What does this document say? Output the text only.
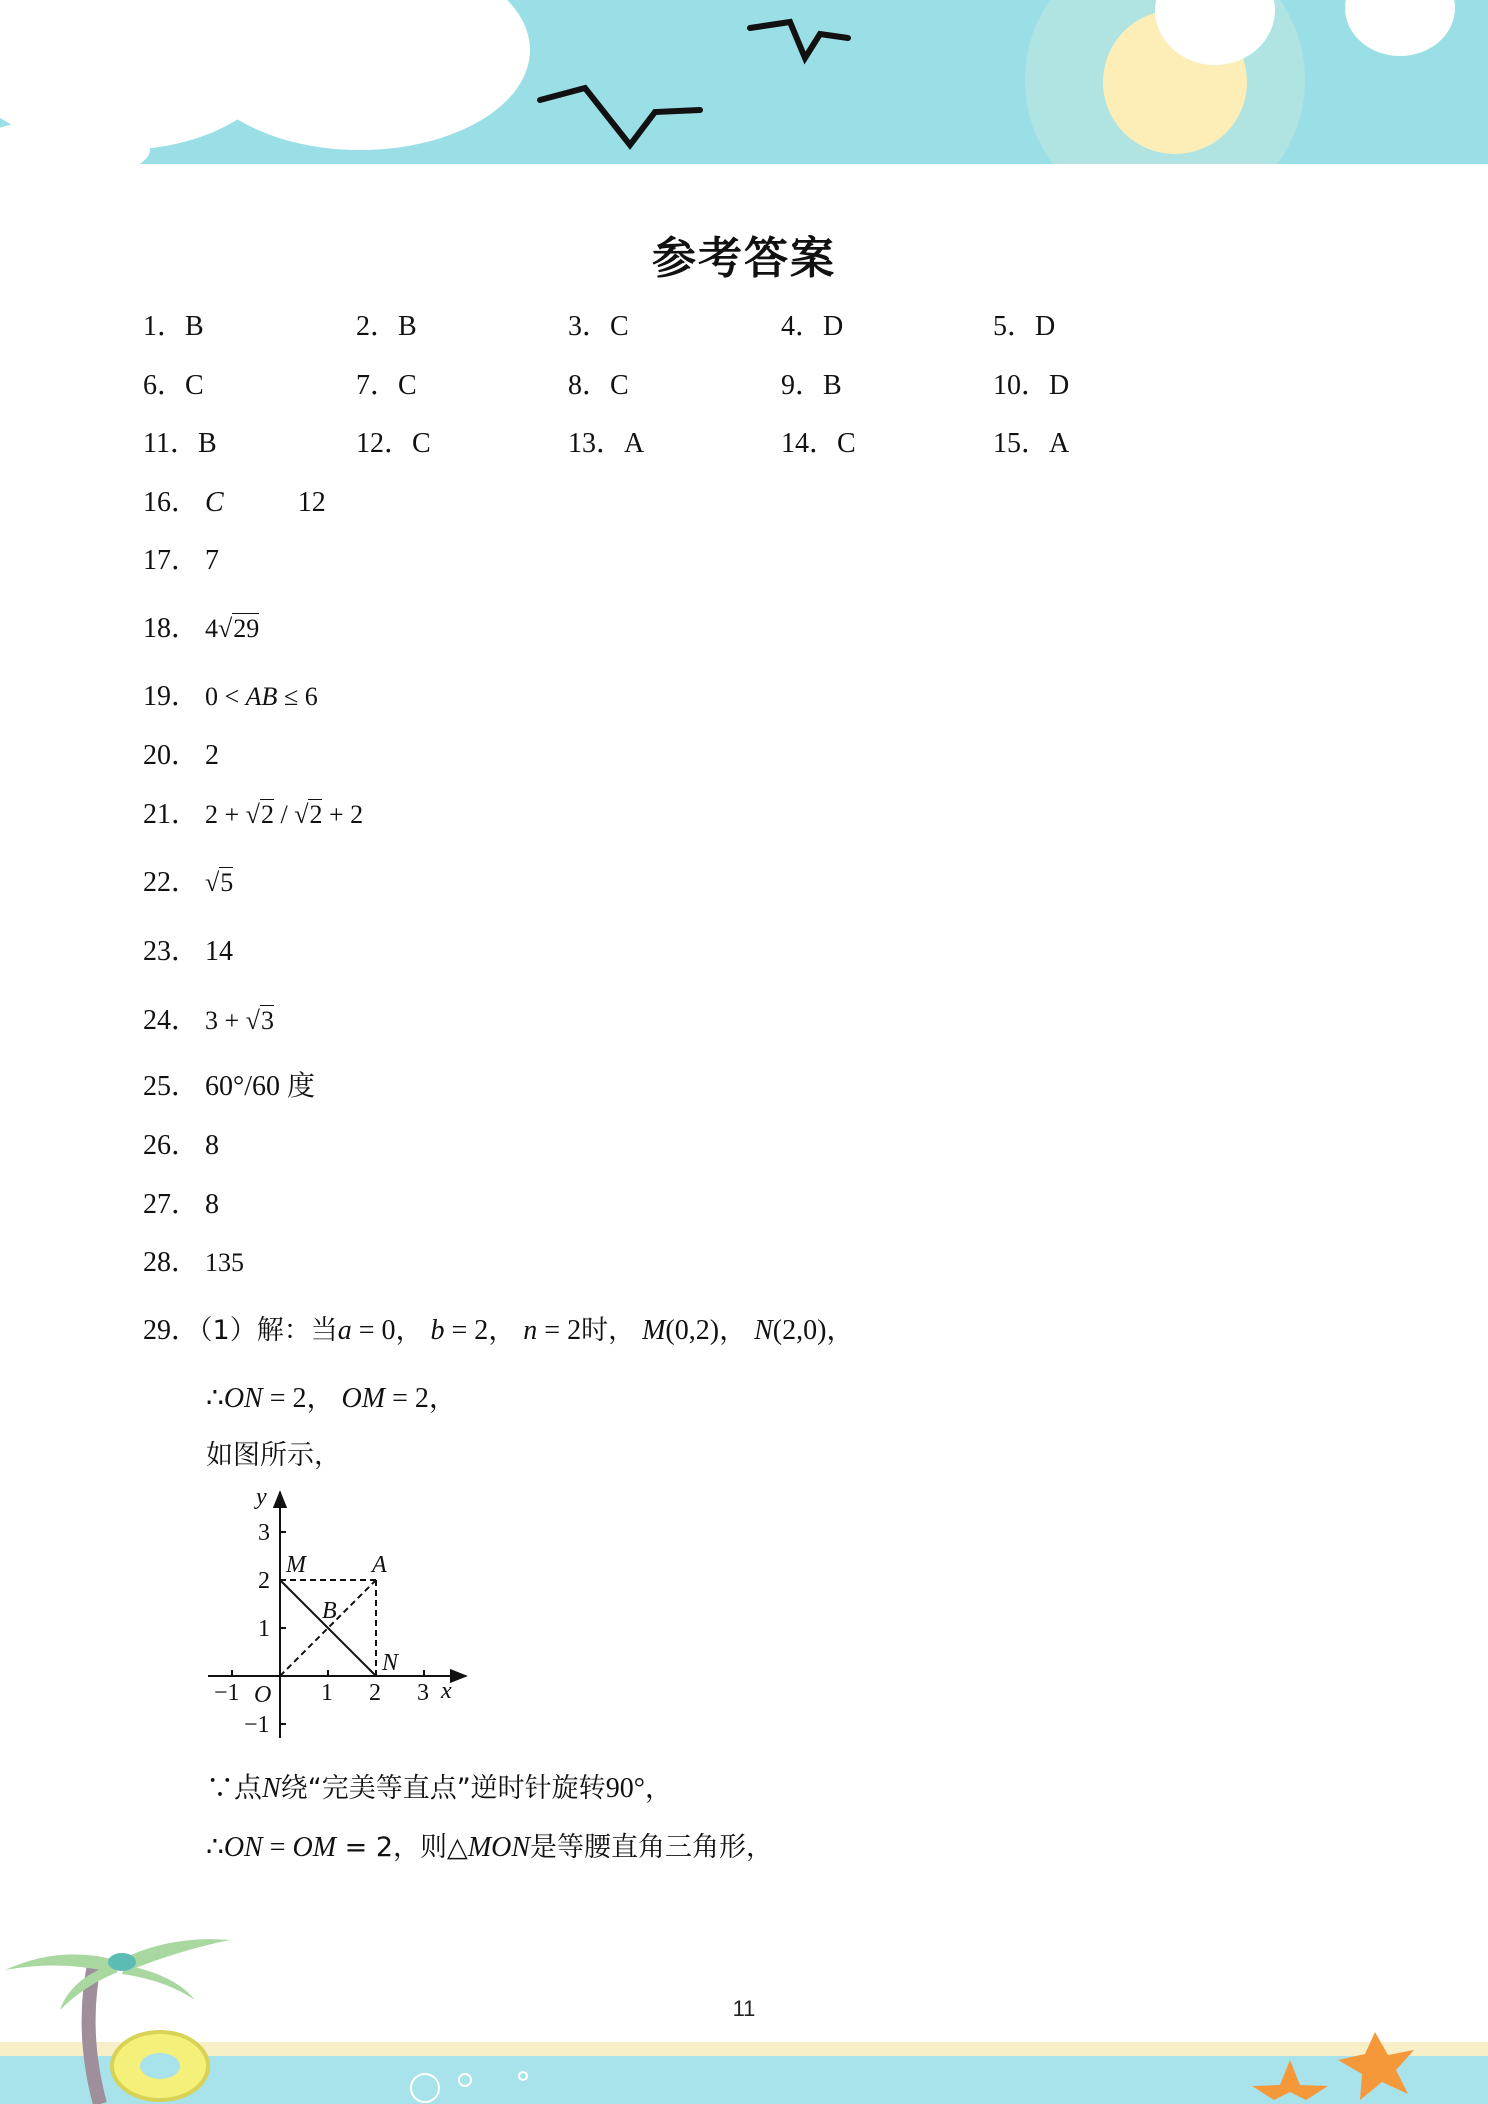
参考答案
1．B	2．B	3．C	4．D	5．D
6．C	7．C	8．C	9．B	10．D
11．B	12．C	13．A	14．C	15．A
16． C	12
17． 7
18． 4√29
19． 0 < AB ≤ 6
20． 2
21． 2 + √2 / √2 + 2
22． √5
23． 14
24． 3 + √3
25． 60°/60 度
26． 8
27． 8
28． 135
29．（1）解：当a = 0， b = 2， n = 2时， M(0,2)， N(2,0)，
∴ON = 2， OM = 2，
如图所示，
x
y
O
−1	1 2 3
3
2
1
−1
M	A
B
N
∵点N绕“完美等直点”逆时针旋转90°，
∴ON = OM = 2，则△MON是等腰直角三角形，
11
